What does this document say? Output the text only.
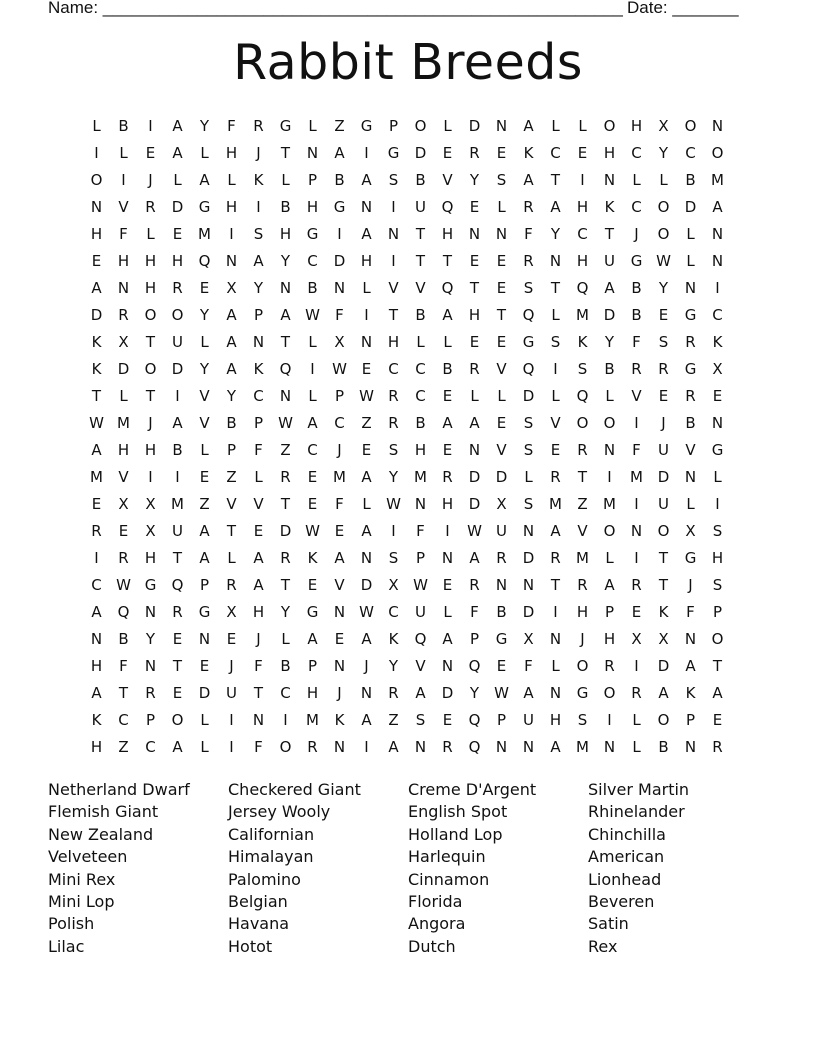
Name: _______________________________________________________ Date: _______
Rabbit Breeds
L	B	I	A	Y	F	R	G	L	Z	G	P	O	L	D	N	A	L	L	O	H	X	O	N
I	L	E	A	L	H	J	T	N	A	I	G	D	E	R	E	K	C	E	H	C	Y	C	O
O	I	J	L	A	L	K	L	P	B	A	S	B	V	Y	S	A	T	I	N	L	L	B	M
N	V	R	D	G	H	I	B	H	G	N	I	U	Q	E	L	R	A	H	K	C	O	D	A
H	F	L	E	M	I	S	H	G	I	A	N	T	H	N	N	F	Y	C	T	J	O	L	N
E	H	H	H	Q	N	A	Y	C	D	H	I	T	T	E	E	R	N	H	U	G W	L	N
A	N	H	R	E	X	Y	N	B	N	L	V	V	Q	T	E	S	T	Q	A	B	Y	N	I
D	R	O	O	Y	A	P	A W	F	I	T	B	A	H	T	Q	L	M D	B	E	G	C
K	X	T	U	L	A	N	T	L	X	N	H	L	L	E	E	G	S	K	Y	F	S	R	K
K	D	O	D	Y	A	K	Q	I	W E	C	C	B	R	V	Q	I	S	B	R	R	G	X
T	L	T	I	V	Y	C	N	L	P	W R	C	E	L	L	D	L	Q	L	V	E	R	E
W M	J	A	V	B	P	W A	C	Z	R	B	A	A	E	S	V	O	O	I	J	B	N
A	H	H	B	L	P	F	Z	C	J	E	S	H	E	N	V	S	E	R	N	F	U	V	G
M	V	I	I	E	Z	L	R	E	M	A	Y	M	R	D	D	L	R	T	I	M D	N	L
E	X	X	M	Z	V	V	T	E	F	L	W N	H	D	X	S	M	Z	M	I	U	L	I
R	E	X	U	A	T	E	D W E	A	I	F	I	W U	N	A	V	O	N	O	X	S
I	R	H	T	A	L	A	R	K	A	N	S	P	N	A	R	D	R	M	L	I	T	G	H
C W G	Q	P	R	A	T	E	V	D	X W E	R	N	N	T	R	A	R	T	J	S
A	Q	N	R	G	X	H	Y	G	N W C	U	L	F	B	D	I	H	P	E	K	F	P
N	B	Y	E	N	E	J	L	A	E	A	K	Q	A	P	G	X	N	J	H	X	X	N	O
H	F	N	T	E	J	F	B	P	N	J	Y	V	N	Q	E	F	L	O	R	I	D	A	T
A	T	R	E	D	U	T	C	H	J	N	R	A	D	Y	W A	N	G	O	R	A	K	A
K	C	P	O	L	I	N	I	M	K	A	Z	S	E	Q	P	U	H	S	I	L	O	P	E
H	Z	C	A	L	I	F	O	R	N	I	A	N	R	Q	N	N	A	M N	L	B	N	R
Netherland Dwarf
Flemish Giant
New Zealand
Velveteen
Mini Rex
Mini Lop
Polish
Lilac
Checkered Giant
Jersey Wooly
Californian
Himalayan
Palomino
Belgian
Havana
Hotot
Creme D'Argent
English Spot
Holland Lop
Harlequin
Cinnamon
Florida
Angora
Dutch
Silver Martin
Rhinelander
Chinchilla
American
Lionhead
Beveren
Satin
Rex
